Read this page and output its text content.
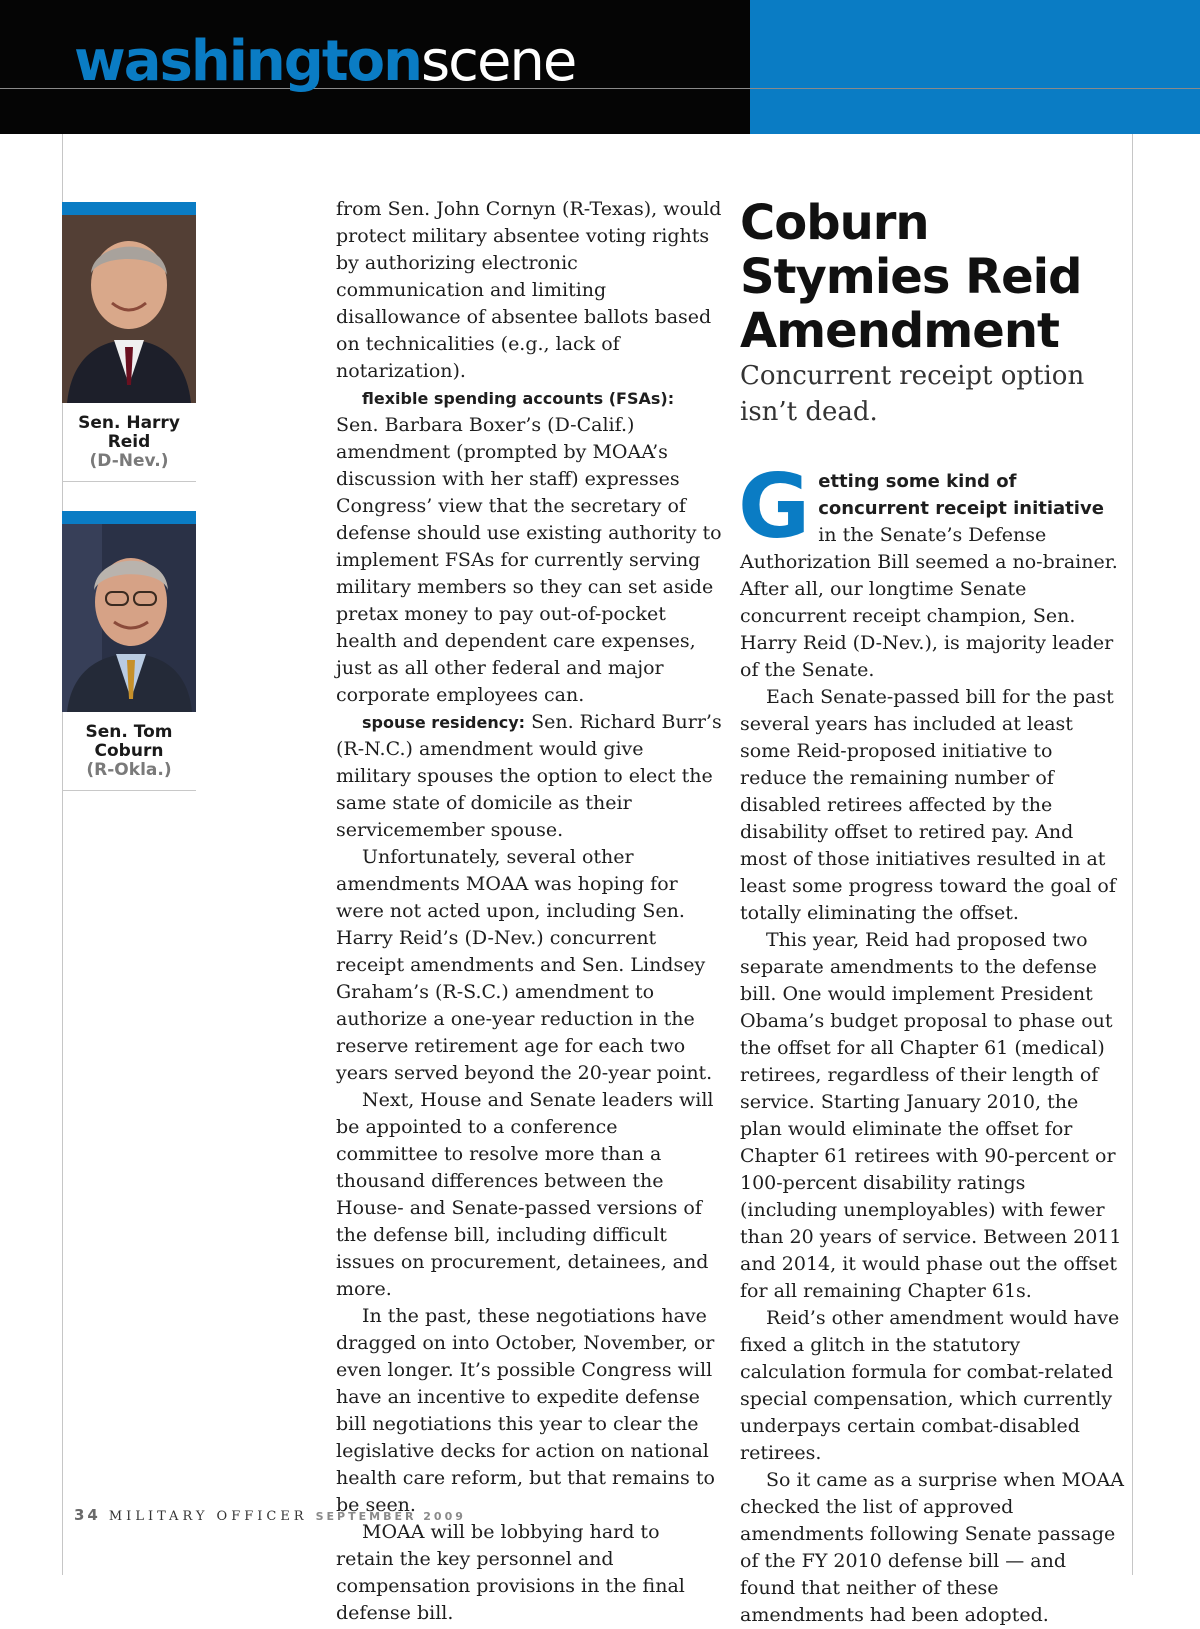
washingtonscene
Sen. Harry Reid
(D-Nev.)
Sen. Tom Coburn
(R-Okla.)

from Sen. John Cornyn (R-Texas), would protect military absentee voting rights by authorizing electronic communication and limiting disallowance of absentee ballots based on technicalities (e.g., lack of notarization).

flexible spending accounts (FSAs): Sen. Barbara Boxer’s (D-Calif.) amendment (prompted by MOAA’s discussion with her staff) expresses Congress’ view that the secretary of defense should use existing authority to implement FSAs for currently serving military members so they can set aside pretax money to pay out-of-pocket health and dependent care expenses, just as all other federal and major corporate employees can.

spouse residency: Sen. Richard Burr’s (R-N.C.) amendment would give military spouses the option to elect the same state of domicile as their servicemember spouse.

Unfortunately, several other amendments MOAA was hoping for were not acted upon, including Sen. Harry Reid’s (D-Nev.) concurrent receipt amendments and Sen. Lindsey Graham’s (R-S.C.) amendment to authorize a one-year reduction in the reserve retirement age for each two years served beyond the 20-year point.

Next, House and Senate leaders will be appointed to a conference committee to resolve more than a thousand differences between the House- and Senate-passed versions of the defense bill, including difficult issues on procurement, detainees, and more.

In the past, these negotiations have dragged on into October, November, or even longer. It’s possible Congress will have an incentive to expedite defense bill negotiations this year to clear the legislative decks for action on national health care reform, but that remains to be seen.

MOAA will be lobbying hard to retain the key personnel and compensation provisions in the final defense bill.

Coburn Stymies Reid Amendment

Concurrent receipt option isn’t dead.

Getting some kind of concurrent receipt initiative in the Senate’s Defense Authorization Bill seemed a no-brainer. After all, our longtime Senate concurrent receipt champion, Sen. Harry Reid (D-Nev.), is majority leader of the Senate.

Each Senate-passed bill for the past several years has included at least some Reid-proposed initiative to reduce the remaining number of disabled retirees affected by the disability offset to retired pay. And most of those initiatives resulted in at least some progress toward the goal of totally eliminating the offset.

This year, Reid had proposed two separate amendments to the defense bill. One would implement President Obama’s budget proposal to phase out the offset for all Chapter 61 (medical) retirees, regardless of their length of service. Starting January 2010, the plan would eliminate the offset for Chapter 61 retirees with 90-percent or 100-percent disability ratings (including unemployables) with fewer than 20 years of service. Between 2011 and 2014, it would phase out the offset for all remaining Chapter 61s.

Reid’s other amendment would have fixed a glitch in the statutory calculation formula for combat-related special compensation, which currently underpays certain combat-disabled retirees.

So it came as a surprise when MOAA checked the list of approved amendments following Senate passage of the FY 2010 defense bill — and found that neither of these amendments had been adopted.

34 MILITARY OFFICER SEPTEMBER 2009
